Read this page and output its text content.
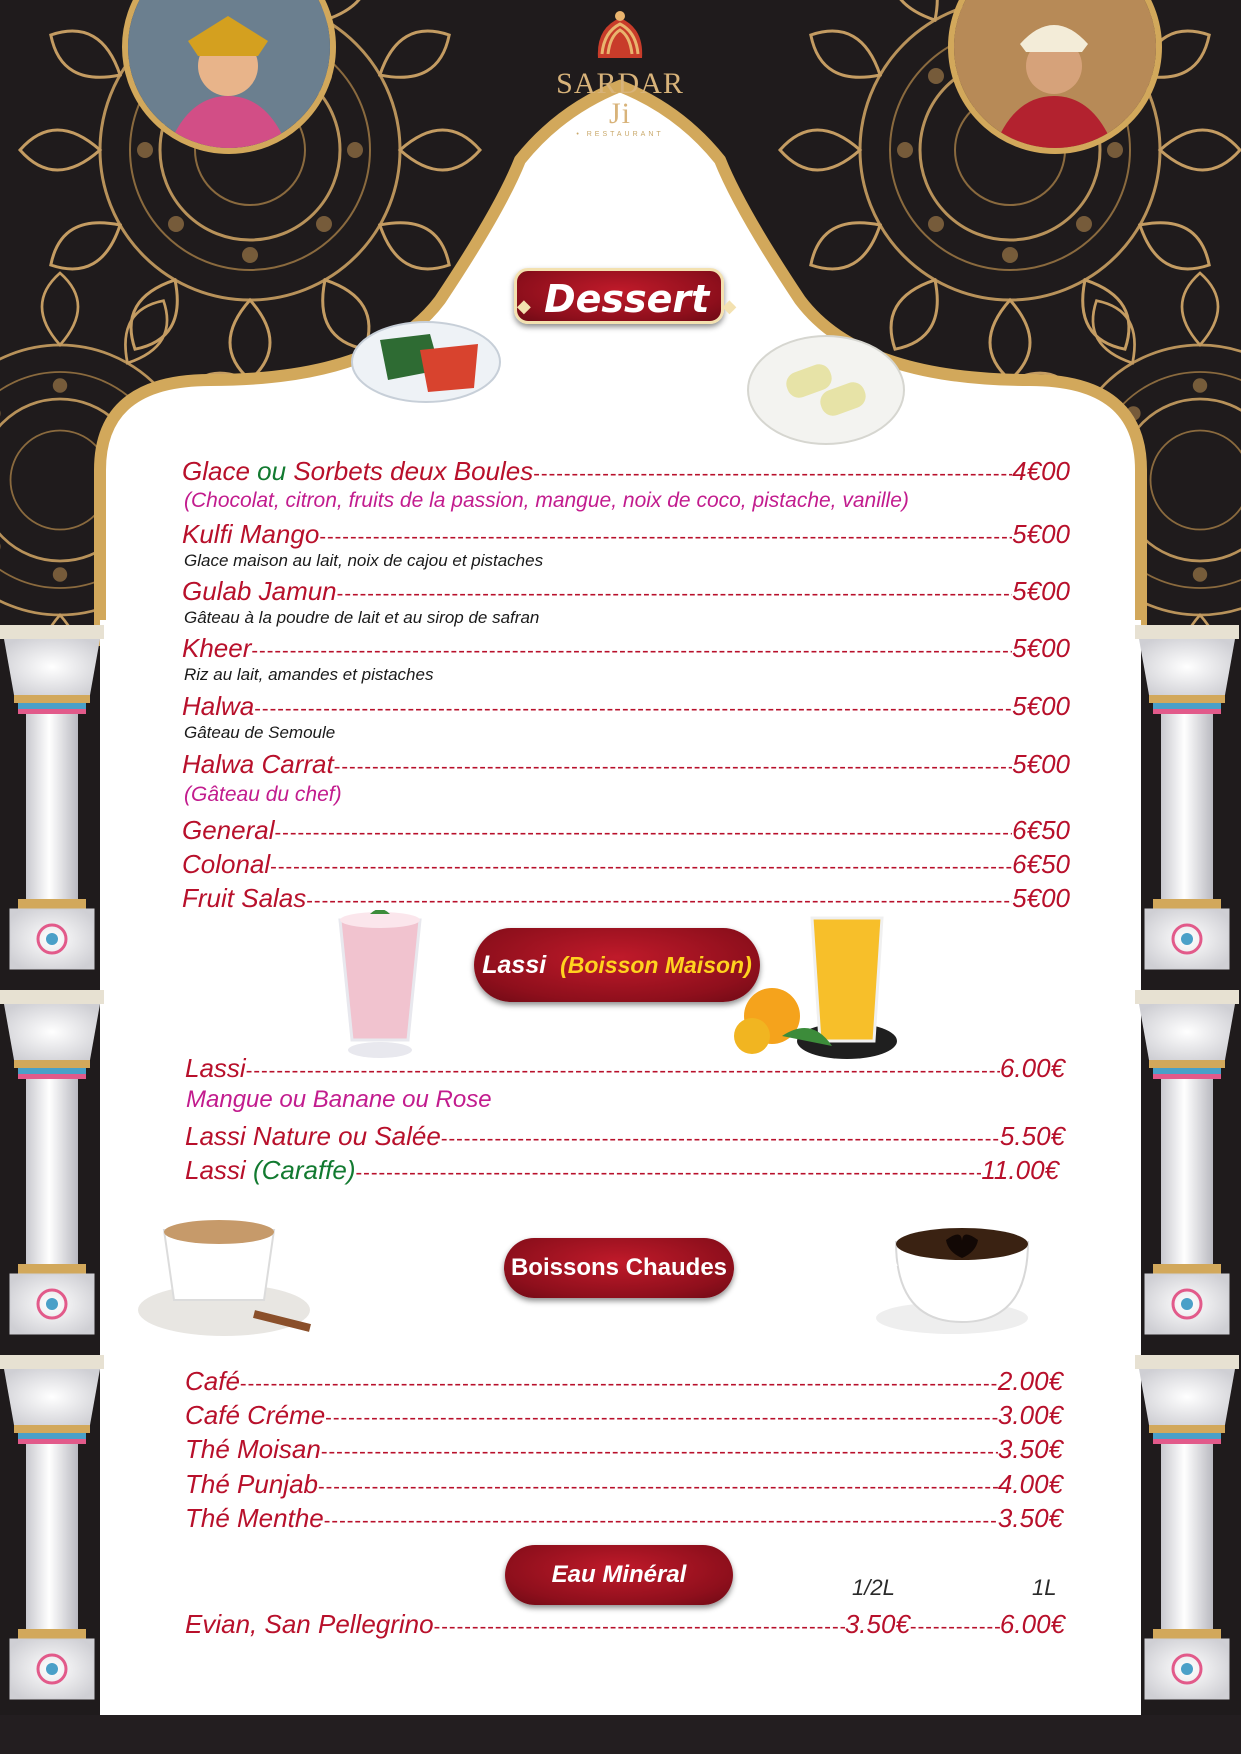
SARDAR Ji
• RESTAURANT
◆ Dessert ◆
Lassi (Boisson Maison)
Boissons Chaudes
Eau Minéral
Glace
ou
Sorbets deux Boules -----	4€00
(Chocolat, citron, fruits de la passion, mangue, noix de coco, pistache, vanille)
Kulfi Mango -----	5€00
Glace maison au lait, noix de cajou et pistaches
Gulab Jamun -----	5€00
Gâteau à la poudre de lait et au sirop de safran
Kheer -----	5€00
Riz au lait, amandes et pistaches
Halwa -----	5€00
Gâteau de Semoule
Halwa Carrat -----	5€00
(Gâteau du chef)
General -----	6€50
Colonal -----	6€50
Fruit Salas -----	5€00
Lassi -----	6.00€
Mangue ou Banane ou Rose
Lassi Nature ou Salée -----	5.50€
Lassi
(Caraffe) -----	11.00€
Café -----	2.00€
Café Créme -----	3.00€
Thé Moisan -----	3.50€
Thé Punjab -----	4.00€
Thé Menthe -----	3.50€
1/2L	1L
Evian, San Pellegrino -----	3.50€ -----	6.00€
